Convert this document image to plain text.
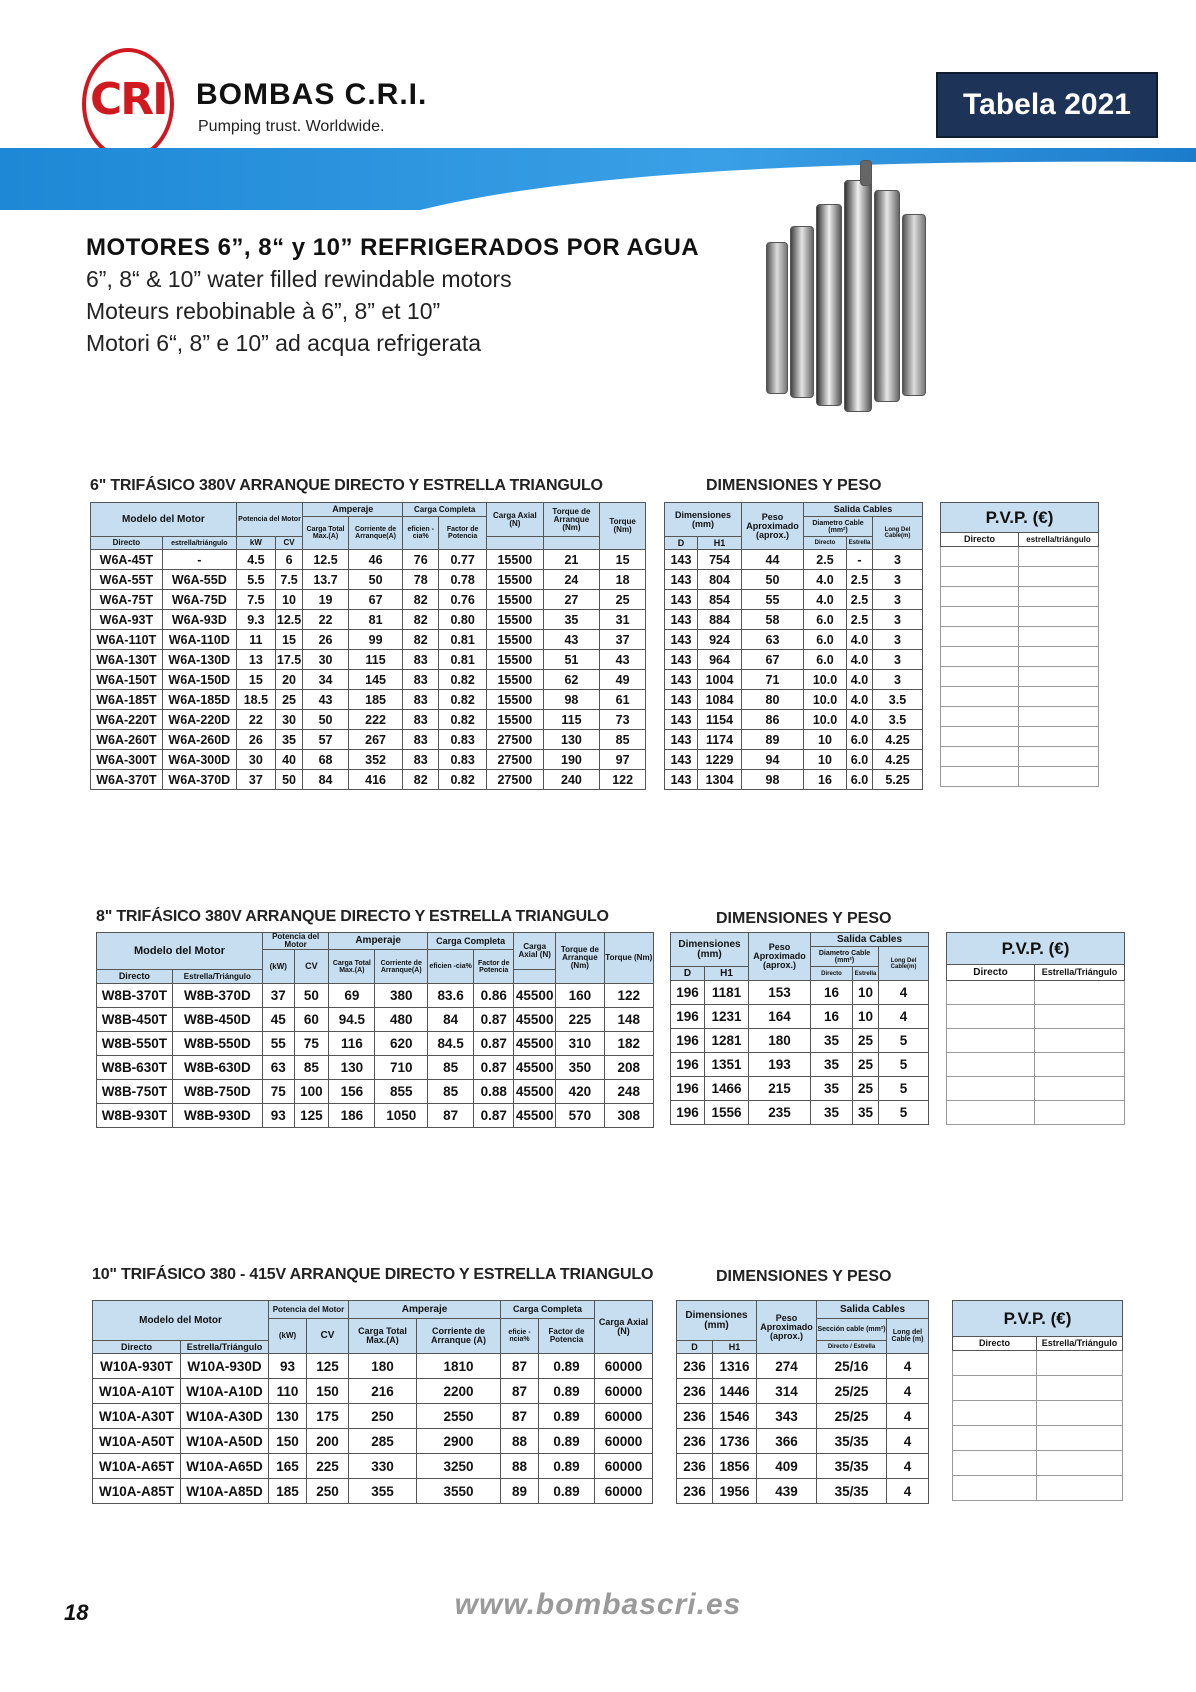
CRI BOMBAS C.R.I.
Pumping trust. Worldwide.
Tabela 2021
MOTORES 6”, 8“ y 10” REFRIGERADOS POR AGUA
6”, 8“ & 10” water filled rewindable motors
Moteurs rebobinable à 6”, 8” et 10”
Motori 6“, 8” e 10” ad acqua refrigerata
6" TRIFÁSICO 380V ARRANQUE DIRECTO Y ESTRELLA TRIANGULO	DIMENSIONES Y PESO
Modelo del Motor		Potencia del Motor		Amperaje		Carga Completa		Carga Axial (N)	Torque de Arranque (Nm)	Torque (Nm)
				Carga Total Max.(A)	Corriente de Arranque(A)	eficien -cia%	Factor de Potencia			
Directo	estrella/triángulo	kW	CV							
W6A-45T	-	4.5	6	12.5	46	76	0.77	15500	21	15
W6A-55T	W6A-55D	5.5	7.5	13.7	50	78	0.78	15500	24	18
W6A-75T	W6A-75D	7.5	10	19	67	82	0.76	15500	27	25
W6A-93T	W6A-93D	9.3	12.5	22	81	82	0.80	15500	35	31
W6A-110T	W6A-110D	11	15	26	99	82	0.81	15500	43	37
W6A-130T	W6A-130D	13	17.5	30	115	83	0.81	15500	51	43
W6A-150T	W6A-150D	15	20	34	145	83	0.82	15500	62	49
W6A-185T	W6A-185D	18.5	25	43	185	83	0.82	15500	98	61
W6A-220T	W6A-220D	22	30	50	222	83	0.82	15500	115	73
W6A-260T	W6A-260D	26	35	57	267	83	0.83	27500	130	85
W6A-300T	W6A-300D	30	40	68	352	83	0.83	27500	190	97
W6A-370T	W6A-370D	37	50	84	416	82	0.82	27500	240	122
Dimensiones (mm)		Peso Aproximado (aprox.)	Salida Cables		
			Diametro Cable (mm²)		Long Del Cable(m)
D	H1		Directo	Estrella	
143	754	44	2.5	-	3
143	804	50	4.0	2.5	3
143	854	55	4.0	2.5	3
143	884	58	6.0	2.5	3
143	924	63	6.0	4.0	3
143	964	67	6.0	4.0	3
143	1004	71	10.0	4.0	3
143	1084	80	10.0	4.0	3.5
143	1154	86	10.0	4.0	3.5
143	1174	89	10	6.0	4.25
143	1229	94	10	6.0	4.25
143	1304	98	16	6.0	5.25
P.V.P. (€)	
Directo	estrella/triángulo

8" TRIFÁSICO 380V ARRANQUE DIRECTO Y ESTRELLA TRIANGULO	DIMENSIONES Y PESO
Modelo del Motor		Potencia del Motor		Amperaje		Carga Completa		Carga Axial (N)	Torque de Arranque (Nm)	Torque (Nm)
		(kW)	CV	Carga Total Max.(A)	Corriente de Arranque(A)	eficien -cia%	Factor de Potencia			
Directo	Estrella/Triángulo									
W8B-370T	W8B-370D	37	50	69	380	83.6	0.86	45500	160	122
W8B-450T	W8B-450D	45	60	94.5	480	84	0.87	45500	225	148
W8B-550T	W8B-550D	55	75	116	620	84.5	0.87	45500	310	182
W8B-630T	W8B-630D	63	85	130	710	85	0.87	45500	350	208
W8B-750T	W8B-750D	75	100	156	855	85	0.88	45500	420	248
W8B-930T	W8B-930D	93	125	186	1050	87	0.87	45500	570	308
Dimensiones (mm)		Peso Aproximado (aprox.)	Salida Cables		
			Diametro Cable (mm²)		Long Del Cable(m)
D	H1		Directo	Estrella	
196	1181	153	16	10	4
196	1231	164	16	10	4
196	1281	180	35	25	5
196	1351	193	35	25	5
196	1466	215	35	25	5
196	1556	235	35	35	5
P.V.P. (€)	
Directo	Estrella/Triángulo

10" TRIFÁSICO 380 - 415V ARRANQUE DIRECTO Y ESTRELLA TRIANGULO	DIMENSIONES Y PESO
Modelo del Motor		Potencia del Motor		Amperaje		Carga Completa		Carga Axial (N)
		(kW)	CV	Carga Total Max.(A)	Corriente de Arranque (A)	eficie -ncia%	Factor de Potencia	
Directo	Estrella/Triángulo							
W10A-930T	W10A-930D	93	125	180	1810	87	0.89	60000
W10A-A10T	W10A-A10D	110	150	216	2200	87	0.89	60000
W10A-A30T	W10A-A30D	130	175	250	2550	87	0.89	60000
W10A-A50T	W10A-A50D	150	200	285	2900	88	0.89	60000
W10A-A65T	W10A-A65D	165	225	330	3250	88	0.89	60000
W10A-A85T	W10A-A85D	185	250	355	3550	89	0.89	60000
Dimensiones (mm)		Peso Aproximado (aprox.)	Salida Cables	
			Sección cable (mm²)	Long del Cable (m)
D	H1		Directo / Estrella	
236	1316	274	25/16	4
236	1446	314	25/25	4
236	1546	343	25/25	4
236	1736	366	35/35	4
236	1856	409	35/35	4
236	1956	439	35/35	4
P.V.P. (€)	
Directo	Estrella/Triángulo

18	www.bombascri.es
